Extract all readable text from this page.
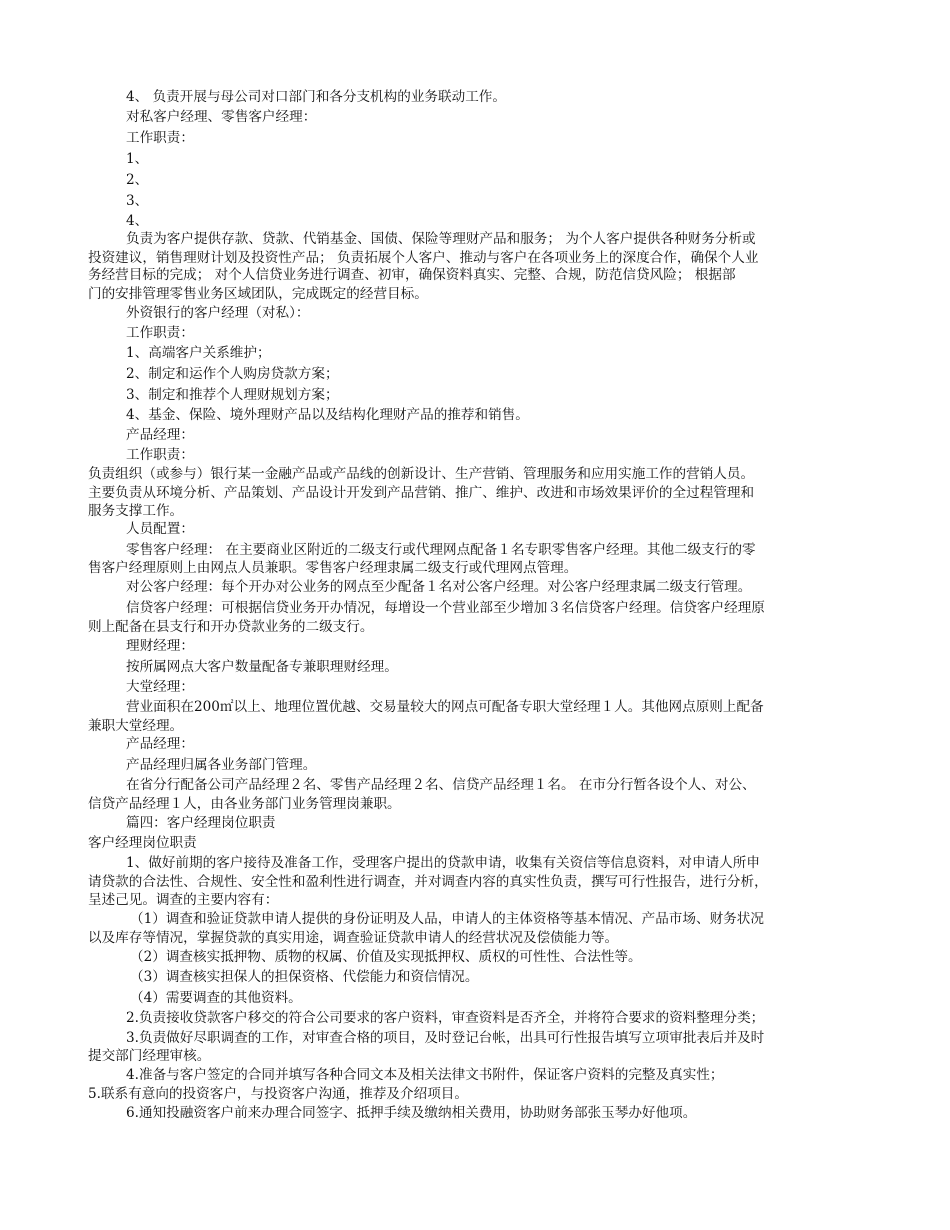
4、 负责开展与母公司对口部门和各分支机构的业务联动工作。
对私客户经理、零售客户经理：
工作职责：
1、
2、
3、
4、
负责为客户提供存款、贷款、代销基金、国债、保险等理财产品和服务； 为个人客户提供各种财务分析或
投资建议，销售理财计划及投资性产品； 负责拓展个人客户、推动与客户在各项业务上的深度合作，确保个人业
务经营目标的完成； 对个人信贷业务进行调查、初审，确保资料真实、完整、合规，防范信贷风险； 根据部
门的安排管理零售业务区域团队，完成既定的经营目标。
外资银行的客户经理（对私）：
工作职责：
1、高端客户关系维护；
2、制定和运作个人购房贷款方案；
3、制定和推荐个人理财规划方案；
4、基金、保险、境外理财产品以及结构化理财产品的推荐和销售。
产品经理：
工作职责：
负责组织（或参与）银行某一金融产品或产品线的创新设计、生产营销、管理服务和应用实施工作的营销人员。
主要负责从环境分析、产品策划、产品设计开发到产品营销、推广、维护、改进和市场效果评价的全过程管理和
服务支撑工作。
人员配置：
零售客户经理： 在主要商业区附近的二级支行或代理网点配备１名专职零售客户经理。其他二级支行的零
售客户经理原则上由网点人员兼职。零售客户经理隶属二级支行或代理网点管理。
对公客户经理：每个开办对公业务的网点至少配备１名对公客户经理。对公客户经理隶属二级支行管理。
信贷客户经理：可根据信贷业务开办情况，每增设一个营业部至少增加３名信贷客户经理。信贷客户经理原
则上配备在县支行和开办贷款业务的二级支行。
理财经理：
按所属网点大客户数量配备专兼职理财经理。
大堂经理：
营业面积在200㎡以上、地理位置优越、交易量较大的网点可配备专职大堂经理１人。其他网点原则上配备
兼职大堂经理。
产品经理：
产品经理归属各业务部门管理。
在省分行配备公司产品经理２名、零售产品经理２名、信贷产品经理１名。 在市分行暂各设个人、对公、
信贷产品经理１人，由各业务部门业务管理岗兼职。
篇四：客户经理岗位职责
客户经理岗位职责
1、做好前期的客户接待及准备工作，受理客户提出的贷款申请，收集有关资信等信息资料，对申请人所申
请贷款的合法性、合规性、安全性和盈利性进行调查，并对调查内容的真实性负责，撰写可行性报告，进行分析，
呈述己见。调查的主要内容有：
（1）调查和验证贷款申请人提供的身份证明及人品，申请人的主体资格等基本情况、产品市场、财务状况
以及库存等情况，掌握贷款的真实用途，调查验证贷款申请人的经营状况及偿债能力等。
（2）调查核实抵押物、质物的权属、价值及实现抵押权、质权的可性性、合法性等。
（3）调查核实担保人的担保资格、代偿能力和资信情况。
（4）需要调查的其他资料。
2.负责接收贷款客户移交的符合公司要求的客户资料，审查资料是否齐全，并将符合要求的资料整理分类；
3.负责做好尽职调查的工作，对审查合格的项目，及时登记台帐，出具可行性报告填写立项审批表后并及时
提交部门经理审核。
4.准备与客户签定的合同并填写各种合同文本及相关法律文书附件，保证客户资料的完整及真实性；
5.联系有意向的投资客户，与投资客户沟通，推荐及介绍项目。
6.通知投融资客户前来办理合同签字、抵押手续及缴纳相关费用，协助财务部张玉琴办好他项。
